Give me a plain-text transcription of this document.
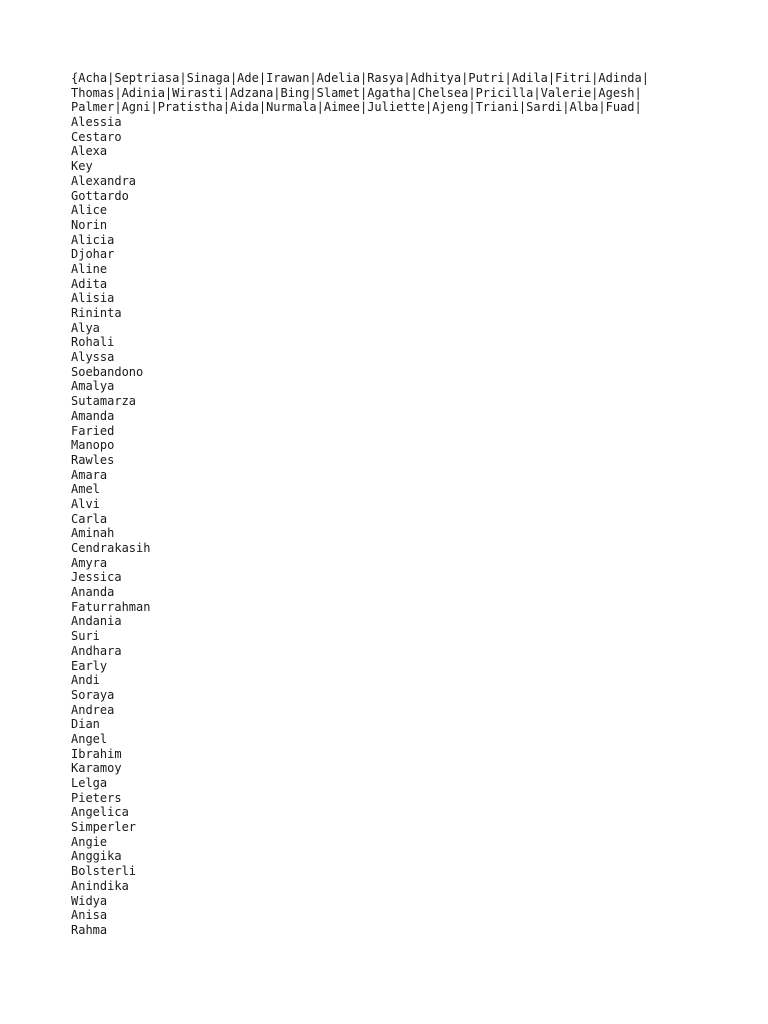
{Acha|Septriasa|Sinaga|Ade|Irawan|Adelia|Rasya|Adhitya|Putri|Adila|Fitri|Adinda|
Thomas|Adinia|Wirasti|Adzana|Bing|Slamet|Agatha|Chelsea|Pricilla|Valerie|Agesh|
Palmer|Agni|Pratistha|Aida|Nurmala|Aimee|Juliette|Ajeng|Triani|Sardi|Alba|Fuad|
Alessia
Cestaro
Alexa
Key
Alexandra
Gottardo
Alice
Norin
Alicia
Djohar
Aline
Adita
Alisia
Rininta
Alya
Rohali
Alyssa
Soebandono
Amalya
Sutamarza
Amanda
Faried
Manopo
Rawles
Amara
Amel
Alvi
Carla
Aminah
Cendrakasih
Amyra
Jessica
Ananda
Faturrahman
Andania
Suri
Andhara
Early
Andi
Soraya
Andrea
Dian
Angel
Ibrahim
Karamoy
Lelga
Pieters
Angelica
Simperler
Angie
Anggika
Bolsterli
Anindika
Widya
Anisa
Rahma
